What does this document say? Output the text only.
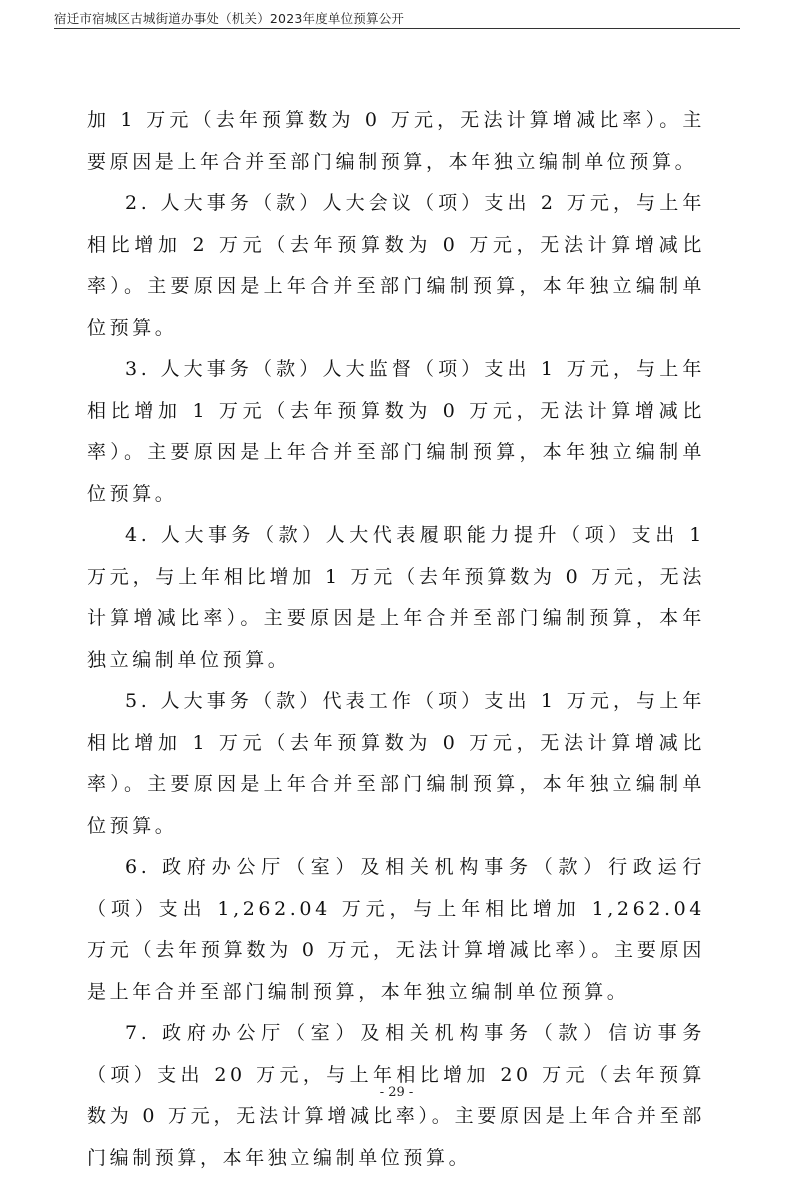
宿迁市宿城区古城街道办事处（机关）2023年度单位预算公开

加 1 万元（去年预算数为 0 万元，无法计算增减比率）。主要原因是上年合并至部门编制预算，本年独立编制单位预算。

2. 人大事务（款）人大会议（项）支出 2 万元，与上年相比增加 2 万元（去年预算数为 0 万元，无法计算增减比率）。主要原因是上年合并至部门编制预算，本年独立编制单位预算。

3. 人大事务（款）人大监督（项）支出 1 万元，与上年相比增加 1 万元（去年预算数为 0 万元，无法计算增减比率）。主要原因是上年合并至部门编制预算，本年独立编制单位预算。

4. 人大事务（款）人大代表履职能力提升（项）支出 1 万元，与上年相比增加 1 万元（去年预算数为 0 万元，无法计算增减比率）。主要原因是上年合并至部门编制预算，本年独立编制单位预算。

5. 人大事务（款）代表工作（项）支出 1 万元，与上年相比增加 1 万元（去年预算数为 0 万元，无法计算增减比率）。主要原因是上年合并至部门编制预算，本年独立编制单位预算。

6. 政府办公厅（室）及相关机构事务（款）行政运行（项）支出 1,262.04 万元，与上年相比增加 1,262.04 万元（去年预算数为 0 万元，无法计算增减比率）。主要原因是上年合并至部门编制预算，本年独立编制单位预算。

7. 政府办公厅（室）及相关机构事务（款）信访事务（项）支出 20 万元，与上年相比增加 20 万元（去年预算数为 0 万元，无法计算增减比率）。主要原因是上年合并至部门编制预算，本年独立编制单位预算。

- 29 -
